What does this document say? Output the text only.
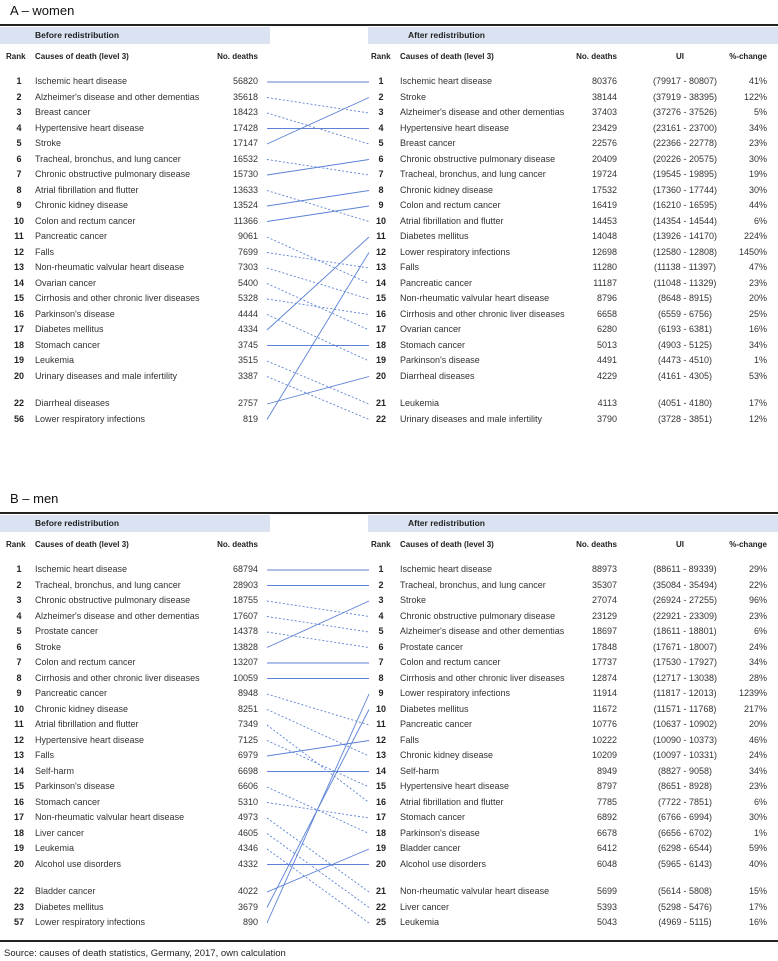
Source: causes of death statistics, Germany, 2017, own calculation
A – women
Before redistribution	After redistribution
Rank Causes of death (level 3)	No. deaths	Rank Causes of death (level 3)	No. deaths	UI	%-change
1	Ischemic heart disease	56820
2	Alzheimer's disease and other dementias	35618
3	Breast cancer	18423
4	Hypertensive heart disease	17428
5	Stroke	17147
6	Tracheal, bronchus, and lung cancer	16532
7	Chronic obstructive pulmonary disease	15730
8	Atrial fibrillation and flutter	13633
9	Chronic kidney disease	13524
10 Colon and rectum cancer	11366
11 Pancreatic cancer	9061
12 Falls	7699
13 Non-rheumatic valvular heart disease	7303
14 Ovarian cancer	5400
15 Cirrhosis and other chronic liver diseases	5328
16 Parkinson's disease	4444
17 Diabetes mellitus	4334
18 Stomach cancer	3745
19 Leukemia	3515
20 Urinary diseases and male infertility	3387
22 Diarrheal diseases	2757
56 Lower respiratory infections	819
1	Ischemic heart disease	80376	(79917 - 80807)	41%
2	Stroke	38144	(37919 - 38395)	122%
3	Alzheimer's disease and other dementias	37403	(37276 - 37526)	5%
4	Hypertensive heart disease	23429	(23161 - 23700)	34%
5	Breast cancer	22576	(22366 - 22778)	23%
6	Chronic obstructive pulmonary disease	20409	(20226 - 20575)	30%
7	Tracheal, bronchus, and lung cancer	19724	(19545 - 19895)	19%
8	Chronic kidney disease	17532	(17360 - 17744)	30%
9	Colon and rectum cancer	16419	(16210 - 16595)	44%
10 Atrial fibrillation and flutter	14453	(14354 - 14544)	6%
11 Diabetes mellitus	14048	(13926 - 14170)	224%
12 Lower respiratory infections	12698	(12580 - 12808)	1450%
13 Falls	11280	(11138 - 11397)	47%
14 Pancreatic cancer	11187	(11048 - 11329)	23%
15 Non-rheumatic valvular heart disease	8796	(8648 - 8915)	20%
16 Cirrhosis and other chronic liver diseases	6658	(6559 - 6756)	25%
17 Ovarian cancer	6280	(6193 - 6381)	16%
18 Stomach cancer	5013	(4903 - 5125)	34%
19 Parkinson's disease	4491	(4473 - 4510)	1%
20 Diarrheal diseases	4229	(4161 - 4305)	53%
21 Leukemia	4113	(4051 - 4180)	17%
22 Urinary diseases and male infertility	3790	(3728 - 3851)	12%
B – men
Before redistribution	After redistribution
Rank Causes of death (level 3)	No. deaths	Rank Causes of death (level 3)	No. deaths	UI	%-change
1	Ischemic heart disease	68794
2	Tracheal, bronchus, and lung cancer	28903
3	Chronic obstructive pulmonary disease	18755
4	Alzheimer's disease and other dementias	17607
5	Prostate cancer	14378
6	Stroke	13828
7	Colon and rectum cancer	13207
8	Cirrhosis and other chronic liver diseases	10059
9	Pancreatic cancer	8948
10 Chronic kidney disease	8251
11 Atrial fibrillation and flutter	7349
12 Hypertensive heart disease	7125
13 Falls	6979
14 Self-harm	6698
15 Parkinson's disease	6606
16 Stomach cancer	5310
17 Non-rheumatic valvular heart disease	4973
18 Liver cancer	4605
19 Leukemia	4346
20 Alcohol use disorders	4332
22 Bladder cancer	4022
23 Diabetes mellitus	3679
57 Lower respiratory infections	890
1	Ischemic heart disease	88973	(88611 - 89339)	29%
2	Tracheal, bronchus, and lung cancer	35307	(35084 - 35494)	22%
3	Stroke	27074	(26924 - 27255)	96%
4	Chronic obstructive pulmonary disease	23129	(22921 - 23309)	23%
5	Alzheimer's disease and other dementias	18697	(18611 - 18801)	6%
6	Prostate cancer	17848	(17671 - 18007)	24%
7	Colon and rectum cancer	17737	(17530 - 17927)	34%
8	Cirrhosis and other chronic liver diseases	12874	(12717 - 13038)	28%
9	Lower respiratory infections	11914	(11817 - 12013)	1239%
10 Diabetes mellitus	11672	(11571 - 11768)	217%
11 Pancreatic cancer	10776	(10637 - 10902)	20%
12 Falls	10222	(10090 - 10373)	46%
13 Chronic kidney disease	10209	(10097 - 10331)	24%
14 Self-harm	8949	(8827 - 9058)	34%
15 Hypertensive heart disease	8797	(8651 - 8928)	23%
16 Atrial fibrillation and flutter	7785	(7722 - 7851)	6%
17 Stomach cancer	6892	(6766 - 6994)	30%
18 Parkinson's disease	6678	(6656 - 6702)	1%
19 Bladder cancer	6412	(6298 - 6544)	59%
20 Alcohol use disorders	6048	(5965 - 6143)	40%
21 Non-rheumatic valvular heart disease	5699	(5614 - 5808)	15%
22 Liver cancer	5393	(5298 - 5476)	17%
25 Leukemia	5043	(4969 - 5115)	16%
